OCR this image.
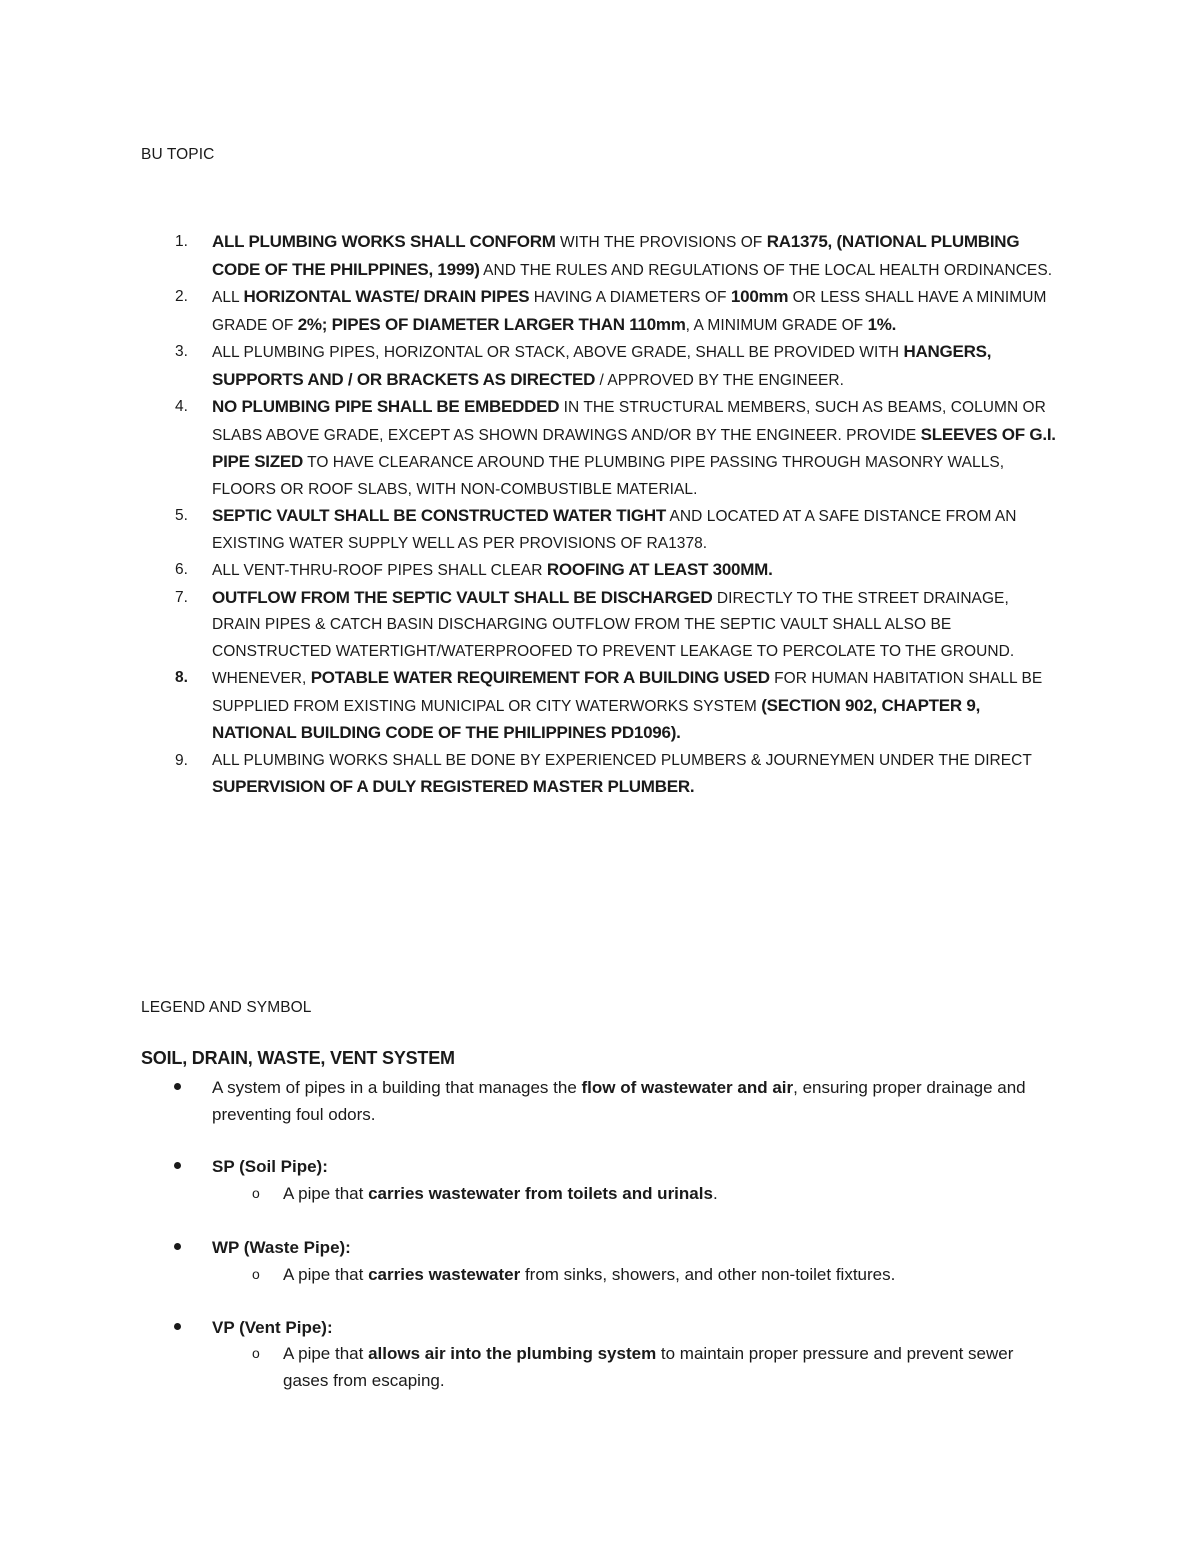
BU TOPIC
1. ALL PLUMBING WORKS SHALL CONFORM WITH THE PROVISIONS OF RA1375, (NATIONAL PLUMBING CODE OF THE PHILPPINES, 1999) AND THE RULES AND REGULATIONS OF THE LOCAL HEALTH ORDINANCES.
2. ALL HORIZONTAL WASTE/ DRAIN PIPES HAVING A DIAMETERS OF 100mm OR LESS SHALL HAVE A MINIMUM GRADE OF 2%; PIPES OF DIAMETER LARGER THAN 110mm, A MINIMUM GRADE OF 1%.
3. ALL PLUMBING PIPES, HORIZONTAL OR STACK, ABOVE GRADE, SHALL BE PROVIDED WITH HANGERS, SUPPORTS AND / OR BRACKETS AS DIRECTED / APPROVED BY THE ENGINEER.
4. NO PLUMBING PIPE SHALL BE EMBEDDED IN THE STRUCTURAL MEMBERS, SUCH AS BEAMS, COLUMN OR SLABS ABOVE GRADE, EXCEPT AS SHOWN DRAWINGS AND/OR BY THE ENGINEER. PROVIDE SLEEVES OF G.I. PIPE SIZED TO HAVE CLEARANCE AROUND THE PLUMBING PIPE PASSING THROUGH MASONRY WALLS, FLOORS OR ROOF SLABS, WITH NON-COMBUSTIBLE MATERIAL.
5. SEPTIC VAULT SHALL BE CONSTRUCTED WATER TIGHT AND LOCATED AT A SAFE DISTANCE FROM AN EXISTING WATER SUPPLY WELL AS PER PROVISIONS OF RA1378.
6. ALL VENT-THRU-ROOF PIPES SHALL CLEAR ROOFING AT LEAST 300MM.
7. OUTFLOW FROM THE SEPTIC VAULT SHALL BE DISCHARGED DIRECTLY TO THE STREET DRAINAGE, DRAIN PIPES & CATCH BASIN DISCHARGING OUTFLOW FROM THE SEPTIC VAULT SHALL ALSO BE CONSTRUCTED WATERTIGHT/WATERPROOFED TO PREVENT LEAKAGE TO PERCOLATE TO THE GROUND.
8. WHENEVER, POTABLE WATER REQUIREMENT FOR A BUILDING USED FOR HUMAN HABITATION SHALL BE SUPPLIED FROM EXISTING MUNICIPAL OR CITY WATERWORKS SYSTEM (SECTION 902, CHAPTER 9, NATIONAL BUILDING CODE OF THE PHILIPPINES PD1096).
9. ALL PLUMBING WORKS SHALL BE DONE BY EXPERIENCED PLUMBERS & JOURNEYMEN UNDER THE DIRECT SUPERVISION OF A DULY REGISTERED MASTER PLUMBER.
LEGEND AND SYMBOL
SOIL, DRAIN, WASTE, VENT SYSTEM
A system of pipes in a building that manages the flow of wastewater and air, ensuring proper drainage and preventing foul odors.
SP (Soil Pipe):
o A pipe that carries wastewater from toilets and urinals.
WP (Waste Pipe):
o A pipe that carries wastewater from sinks, showers, and other non-toilet fixtures.
VP (Vent Pipe):
o A pipe that allows air into the plumbing system to maintain proper pressure and prevent sewer gases from escaping.
